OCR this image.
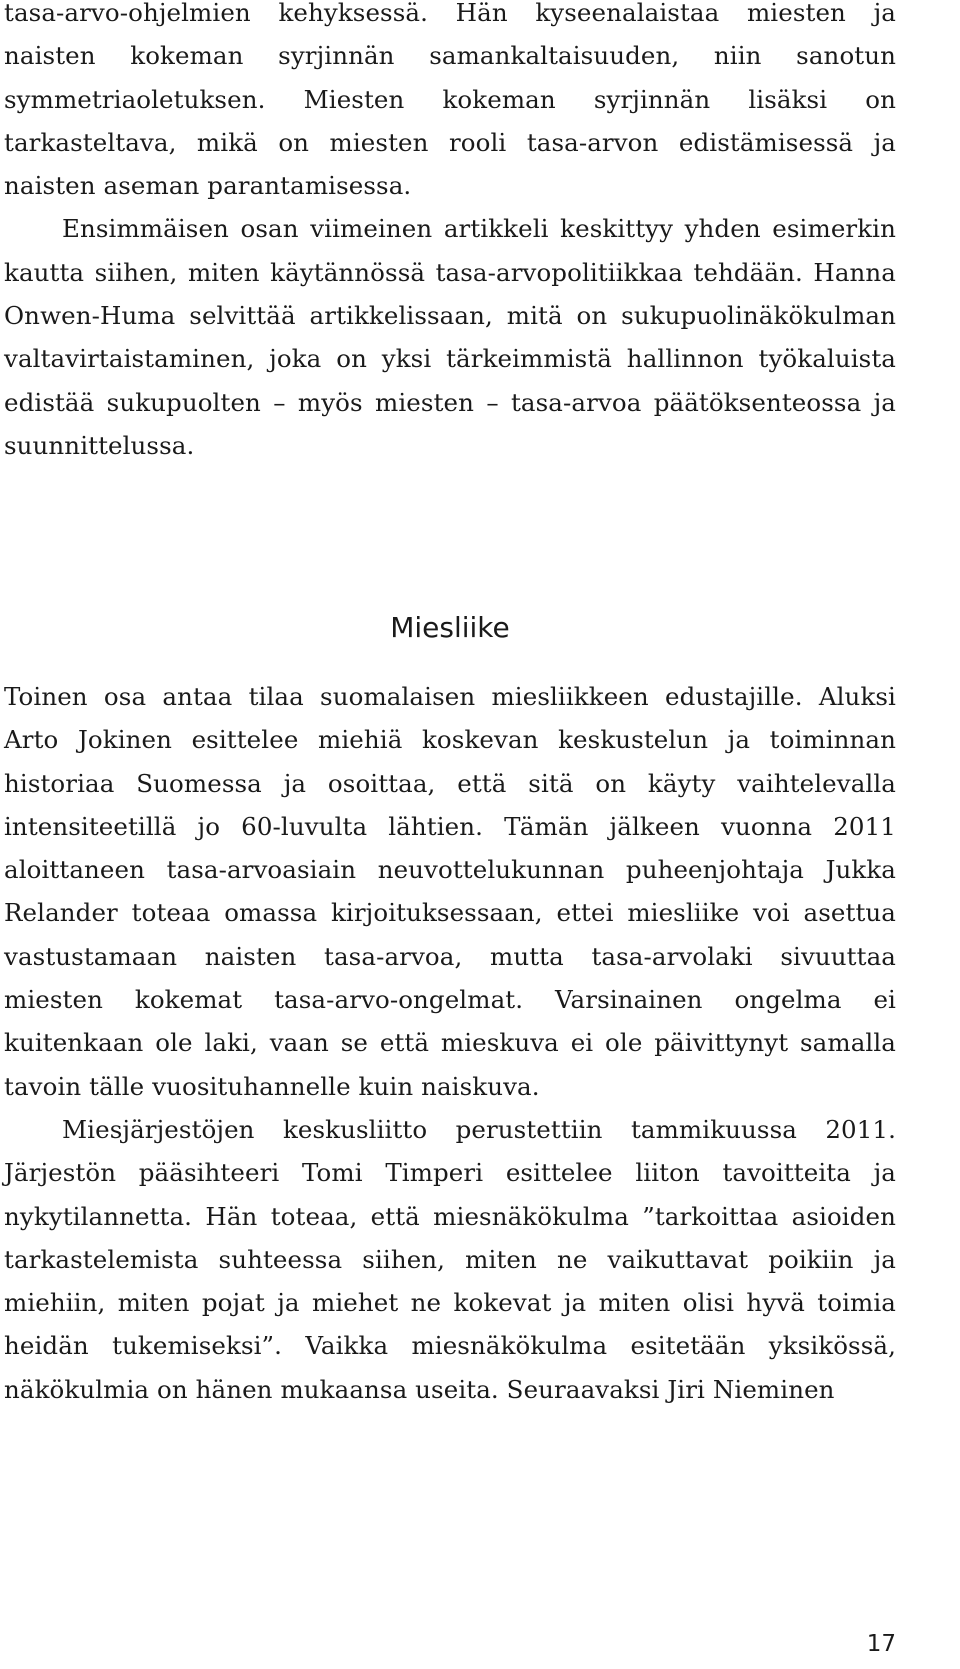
tasa-arvo-ohjelmien kehyksessä. Hän kyseenalaistaa miesten ja naisten kokeman syrjinnän samankaltaisuuden, niin sanotun symmetriaoletuksen. Miesten kokeman syrjinnän lisäksi on tarkasteltava, mikä on miesten rooli tasa-arvon edistämisessä ja naisten aseman parantamisessa.

Ensimmäisen osan viimeinen artikkeli keskittyy yhden esimerkin kautta siihen, miten käytännössä tasa-arvopolitiikkaa tehdään. Hanna Onwen-Huma selvittää artikkelissaan, mitä on sukupuolinäkökulman valtavirtaistaminen, joka on yksi tärkeimmistä hallinnon työkaluista edistää sukupuolten – myös miesten – tasa-arvoa päätöksenteossa ja suunnittelussa.

Miesliike

Toinen osa antaa tilaa suomalaisen miesliikkeen edustajille. Aluksi Arto Jokinen esittelee miehiä koskevan keskustelun ja toiminnan historiaa Suomessa ja osoittaa, että sitä on käyty vaihtelevalla intensiteetillä jo 60-luvulta lähtien. Tämän jälkeen vuonna 2011 aloittaneen tasa-arvoasiain neuvottelukunnan puheenjohtaja Jukka Relander toteaa omassa kirjoituksessaan, ettei miesliike voi asettua vastustamaan naisten tasa-arvoa, mutta tasa-arvolaki sivuuttaa miesten kokemat tasa-arvo-ongelmat. Varsinainen ongelma ei kuitenkaan ole laki, vaan se että mieskuva ei ole päivittynyt samalla tavoin tälle vuosituhannelle kuin naiskuva.

Miesjärjestöjen keskusliitto perustettiin tammikuussa 2011. Järjestön pääsihteeri Tomi Timperi esittelee liiton tavoitteita ja nykytilannetta. Hän toteaa, että miesnäkökulma ”tarkoittaa asioiden tarkastelemista suhteessa siihen, miten ne vaikuttavat poikiin ja miehiin, miten pojat ja miehet ne kokevat ja miten olisi hyvä toimia heidän tukemiseksi”. Vaikka miesnäkökulma esitetään yksikössä, näkökulmia on hänen mukaansa useita. Seuraavaksi Jiri Nieminen

17
